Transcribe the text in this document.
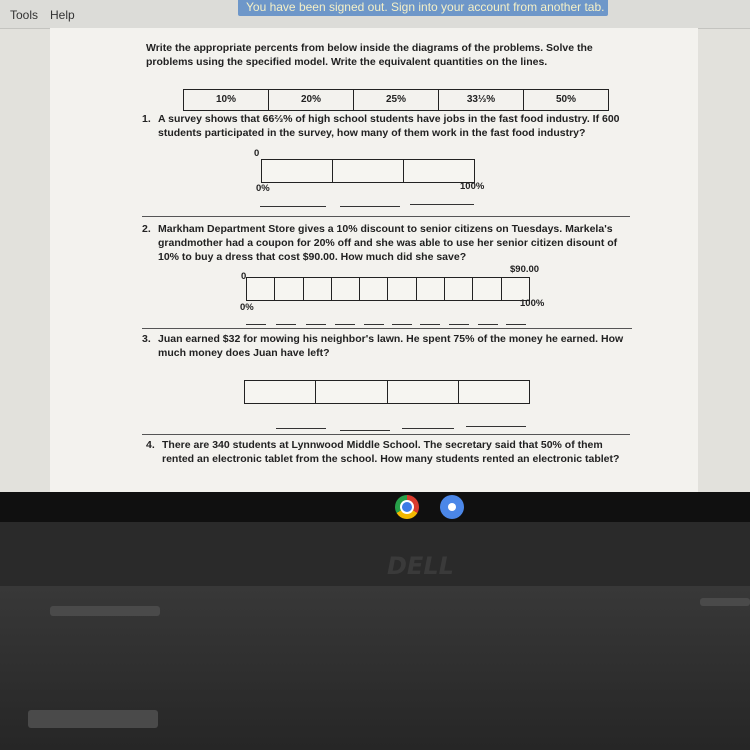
Tools Help
You have been signed out. Sign into your account from another tab.
Write the appropriate percents from below inside the diagrams of the problems. Solve the problems using the specified model. Write the equivalent quantities on the lines.
10%	20%	25%	33⅓%	50%
1. A survey shows that 66⅔% of high school students have jobs in the fast food industry. If 600 students participated in the survey, how many of them work in the fast food industry?
0
0%	100%
2. Markham Department Store gives a 10% discount to senior citizens on Tuesdays. Markela's grandmother had a coupon for 20% off and she was able to use her senior citizen disount of 10% to buy a dress that cost $90.00. How much did she save?
0
$90.00
0%	100%
3. Juan earned $32 for mowing his neighbor's lawn. He spent 75% of the money he earned. How much money does Juan have left?
4. There are 340 students at Lynnwood Middle School. The secretary said that 50% of them rented an electronic tablet from the school. How many students rented an electronic tablet?
DELL
